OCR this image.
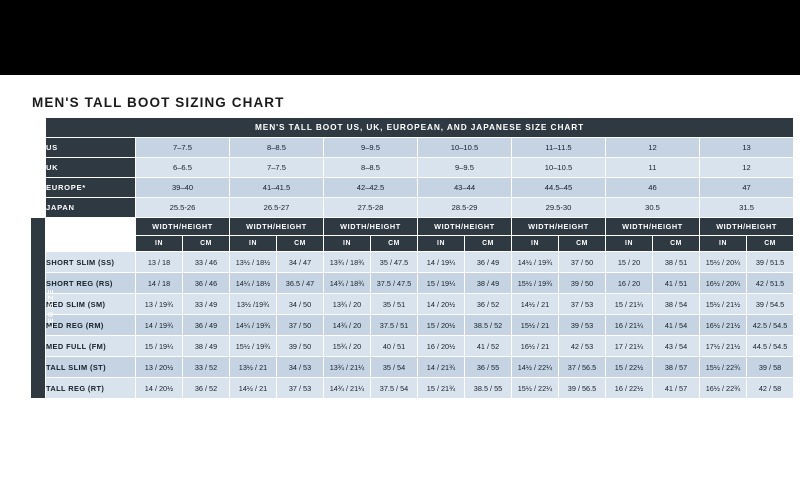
MEN'S TALL BOOT SIZING CHART
	MEN'S TALL BOOT US, UK, EUROPEAN, AND JAPANESE SIZE CHART														
	US	7–7.5		8–8.5		9–9.5		10–10.5		11–11.5		12		13	
	UK	6–6.5		7–7.5		8–8.5		9–9.5		10–10.5		11		12	
	EUROPE*	39–40		41–41.5		42–42.5		43–44		44.5–45		46		47	
	JAPAN	25.5-26		26.5-27		27.5-28		28.5-29		29.5-30		30.5		31.5	
LEG SIZE		WIDTH/HEIGHT		WIDTH/HEIGHT		WIDTH/HEIGHT		WIDTH/HEIGHT		WIDTH/HEIGHT		WIDTH/HEIGHT		WIDTH/HEIGHT	
		IN	CM	IN	CM	IN	CM	IN	CM	IN	CM	IN	CM	IN	CM
	SHORT SLIM (SS)	13 / 18	33 / 46	13½ / 18½	34 / 47	13¾ / 18¾	35 / 47.5	14 / 19¼	36 / 49	14½ / 19¾	37 / 50	15 / 20	38 / 51	15½ / 20¼	39 / 51.5
	SHORT REG (RS)	14 / 18	36 / 46	14¼ / 18½	36.5 / 47	14¾ / 18¾	37.5 / 47.5	15 / 19¼	38 / 49	15½ / 19¾	39 / 50	16 / 20	41 / 51	16½ / 20¼	42 / 51.5
	MED SLIM (SM)	13 / 19¾	33 / 49	13½ /19¾	34 / 50	13¾ / 20	35 / 51	14 / 20½	36 / 52	14½ / 21	37 / 53	15 / 21¼	38 / 54	15½ / 21½	39 / 54.5
	MED REG (RM)	14 / 19¾	36 / 49	14¼ / 19¾	37 / 50	14¾ / 20	37.5 / 51	15 / 20½	38.5 / 52	15½ / 21	39 / 53	16 / 21¼	41 / 54	16½ / 21½	42.5 / 54.5
	MED FULL (FM)	15 / 19¼	38 / 49	15½ / 19¾	39 / 50	15¾ / 20	40 / 51	16 / 20½	41 / 52	16½ / 21	42 / 53	17 / 21¼	43 / 54	17½ / 21½	44.5 / 54.5
	TALL SLIM (ST)	13 / 20½	33 / 52	13½ / 21	34 / 53	13¾ / 21¼	35 / 54	14 / 21¾	36 / 55	14½ / 22¼	37 / 56.5	15 / 22½	38 / 57	15½ / 22¾	39 / 58
	TALL REG (RT)	14 / 20½	36 / 52	14½ / 21	37 / 53	14¾ / 21¼	37.5 / 54	15 / 21¾	38.5 / 55	15½ / 22¼	39 / 56.5	16 / 22½	41 / 57	16½ / 22¾	42 / 58
